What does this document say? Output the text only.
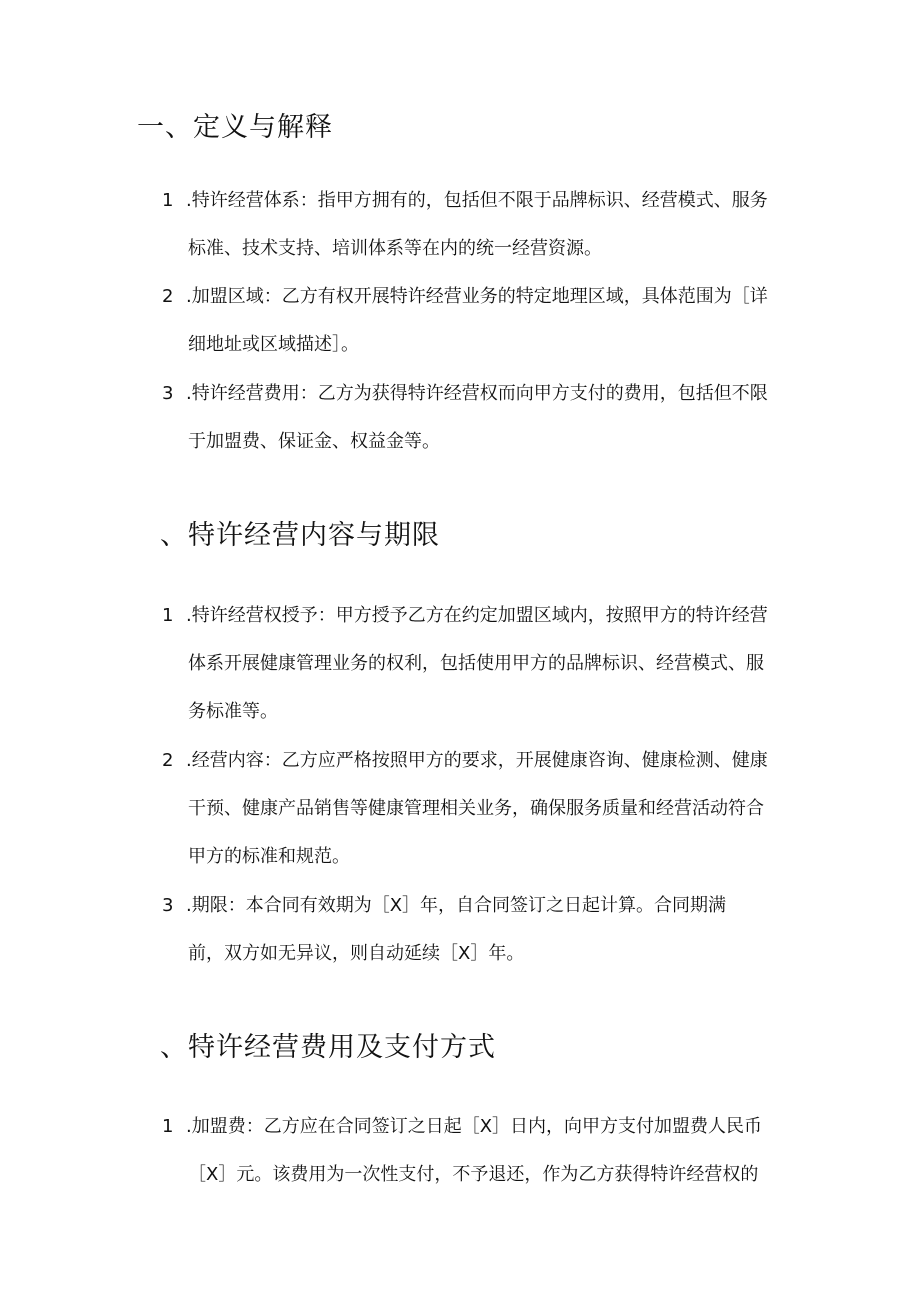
一、定义与解释
1 .特许经营体系：指甲方拥有的，包括但不限于品牌标识、经营模式、服务
标准、技术支持、培训体系等在内的统一经营资源。
2 .加盟区域：乙方有权开展特许经营业务的特定地理区域，具体范围为［详
细地址或区域描述］。
3 .特许经营费用：乙方为获得特许经营权而向甲方支付的费用，包括但不限
于加盟费、保证金、权益金等。
、特许经营内容与期限
1 .特许经营权授予：甲方授予乙方在约定加盟区域内，按照甲方的特许经营
体系开展健康管理业务的权利，包括使用甲方的品牌标识、经营模式、服
务标准等。
2 .经营内容：乙方应严格按照甲方的要求，开展健康咨询、健康检测、健康
干预、健康产品销售等健康管理相关业务，确保服务质量和经营活动符合
甲方的标准和规范。
3 .期限：本合同有效期为［X］年，自合同签订之日起计算。合同期满
前，双方如无异议，则自动延续［X］年。
、特许经营费用及支付方式
1 .加盟费：乙方应在合同签订之日起［X］日内，向甲方支付加盟费人民币
［X］元。该费用为一次性支付，不予退还，作为乙方获得特许经营权的
